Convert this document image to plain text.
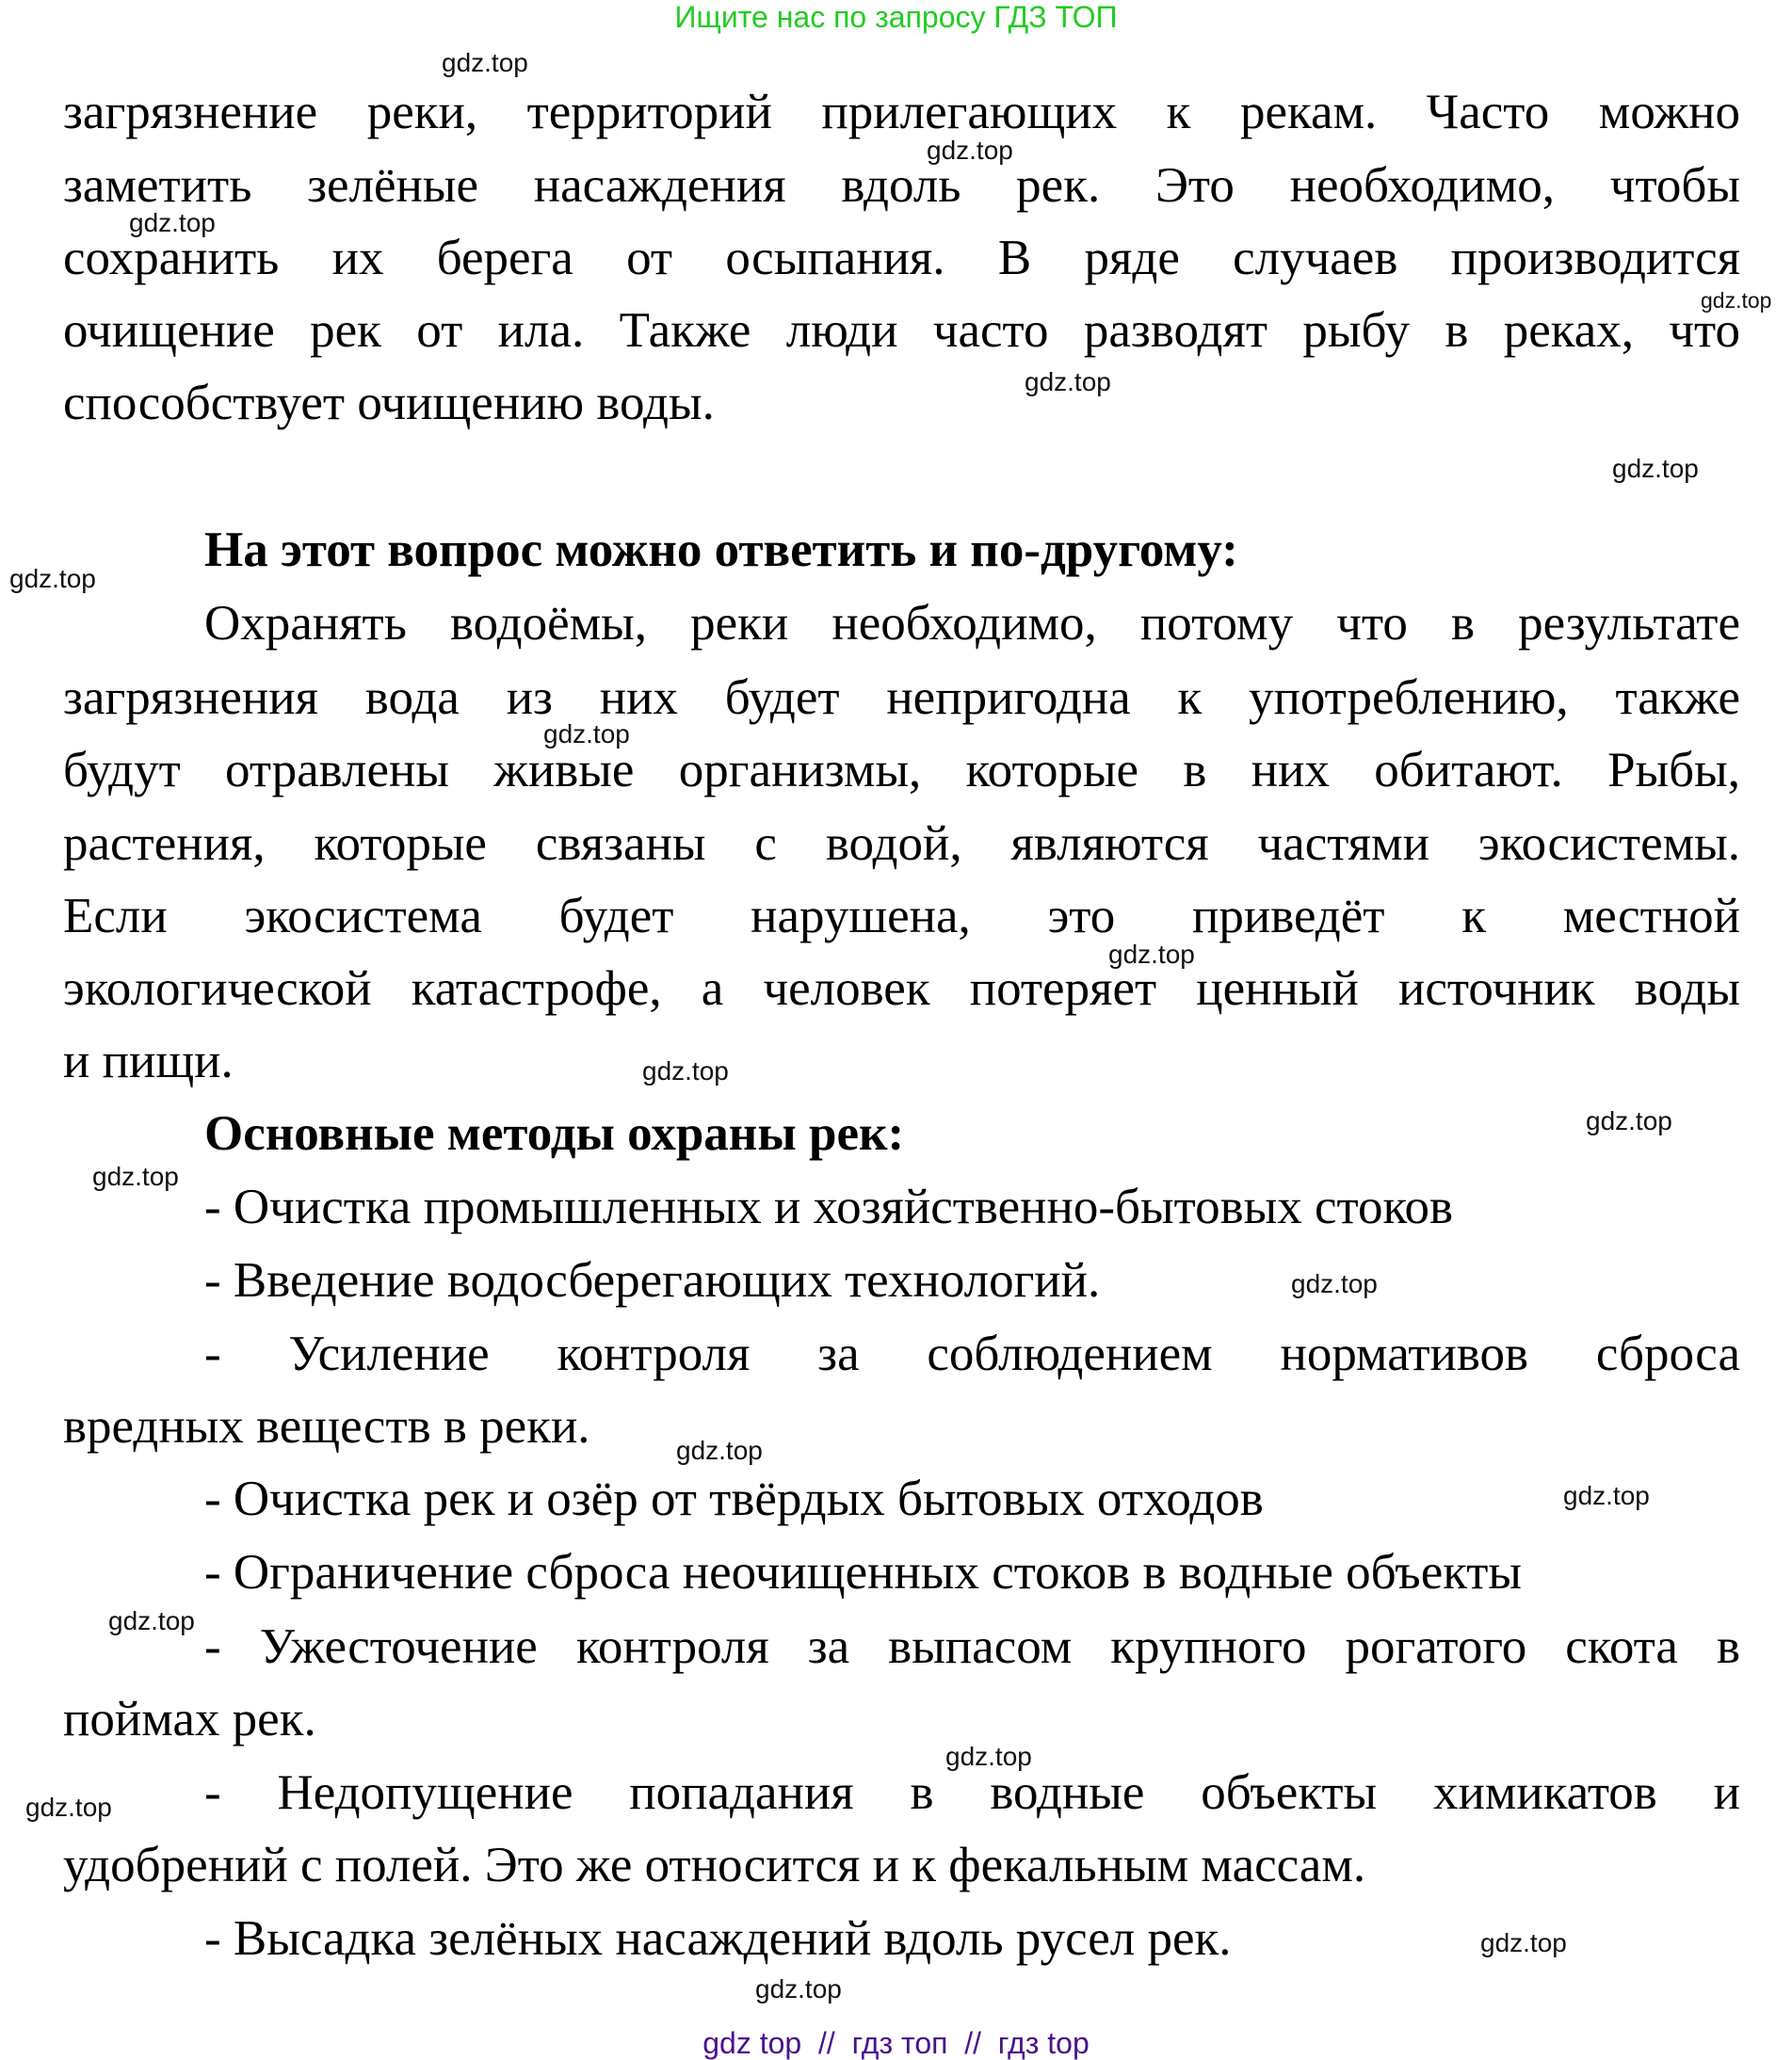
Ищите нас по запросу ГДЗ ТОП
загрязнение реки, территорий прилегающих к рекам. Часто можно
заметить зелёные насаждения вдоль рек. Это необходимо, чтобы
сохранить их берега от осыпания. В ряде случаев производится
очищение рек от ила. Также люди часто разводят рыбу в реках, что
способствует очищению воды.
На этот вопрос можно ответить и по-другому:
Охранять водоёмы, реки необходимо, потому что в результате
загрязнения вода из них будет непригодна к употреблению, также
будут отравлены живые организмы, которые в них обитают. Рыбы,
растения, которые связаны с водой, являются частями экосистемы.
Если экосистема будет нарушена, это приведёт к местной
экологической катастрофе, а человек потеряет ценный источник воды
и пищи.
Основные методы охраны рек:
- Очистка промышленных и хозяйственно-бытовых стоков
- Введение водосберегающих технологий.
- Усиление контроля за соблюдением нормативов сброса
вредных веществ в реки.
- Очистка рек и озёр от твёрдых бытовых отходов
- Ограничение сброса неочищенных стоков в водные объекты
- Ужесточение контроля за выпасом крупного рогатого скота в
поймах рек.
- Недопущение попадания в водные объекты химикатов и
удобрений с полей. Это же относится и к фекальным массам.
- Высадка зелёных насаждений вдоль русел рек.
gdz.top
gdz.top
gdz.top
gdz.top
gdz.top
gdz.top
gdz.top
gdz.top
gdz.top
gdz.top
gdz.top
gdz.top
gdz.top
gdz.top
gdz.top
gdz.top
gdz.top
gdz.top
gdz.top
gdz.top
gdz top  //  гдз топ  //  гдз top
